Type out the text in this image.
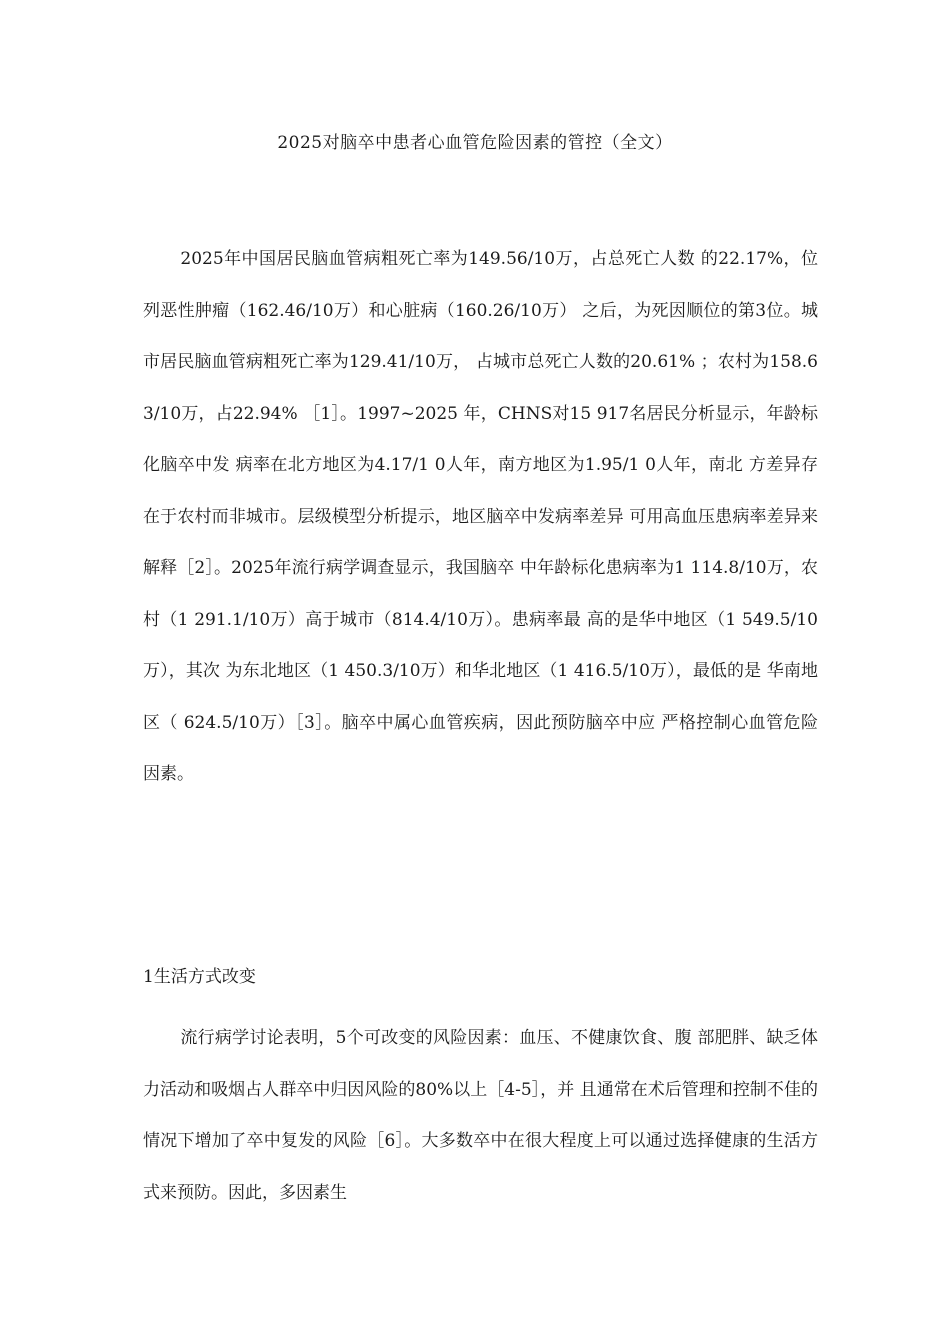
2025对脑卒中患者心血管危险因素的管控（全文）

2025年中国居民脑血管病粗死亡率为149.56/10万，占总死亡人数 的22.17%，位列恶性肿瘤（162.46/10万）和心脏病（160.26/10万） 之后，为死因顺位的第3位。城市居民脑血管病粗死亡率为129.41/10万， 占城市总死亡人数的20.61% ；农村为158.63/10万，占22.94% ［1］。1997~2025 年，CHNS对15 917名居民分析显示，年龄标化脑卒中发 病率在北方地区为4.17/1 0人年，南方地区为1.95/1 0人年，南北 方差异存在于农村而非城市。层级模型分析提示，地区脑卒中发病率差异 可用高血压患病率差异来解释［2］。2025年流行病学调查显示，我国脑卒 中年龄标化患病率为1 114.8/10万，农村（1 291.1/10万）高于城市（814.4/10万）。患病率最 高的是华中地区（1 549.5/10万），其次 为东北地区（1 450.3/10万）和华北地区（1 416.5/10万），最低的是 华南地区（ 624.5/10万）［3］。脑卒中属心血管疾病，因此预防脑卒中应 严格控制心血管危险因素。

1生活方式改变

流行病学讨论表明，5个可改变的风险因素：血压、不健康饮食、腹 部肥胖、缺乏体力活动和吸烟占人群卒中归因风险的80%以上［4-5］，并 且通常在术后管理和控制不佳的情况下增加了卒中复发的风险［6］。大多数卒中在很大程度上可以通过选择健康的生活方式来预防。因此，多因素生
